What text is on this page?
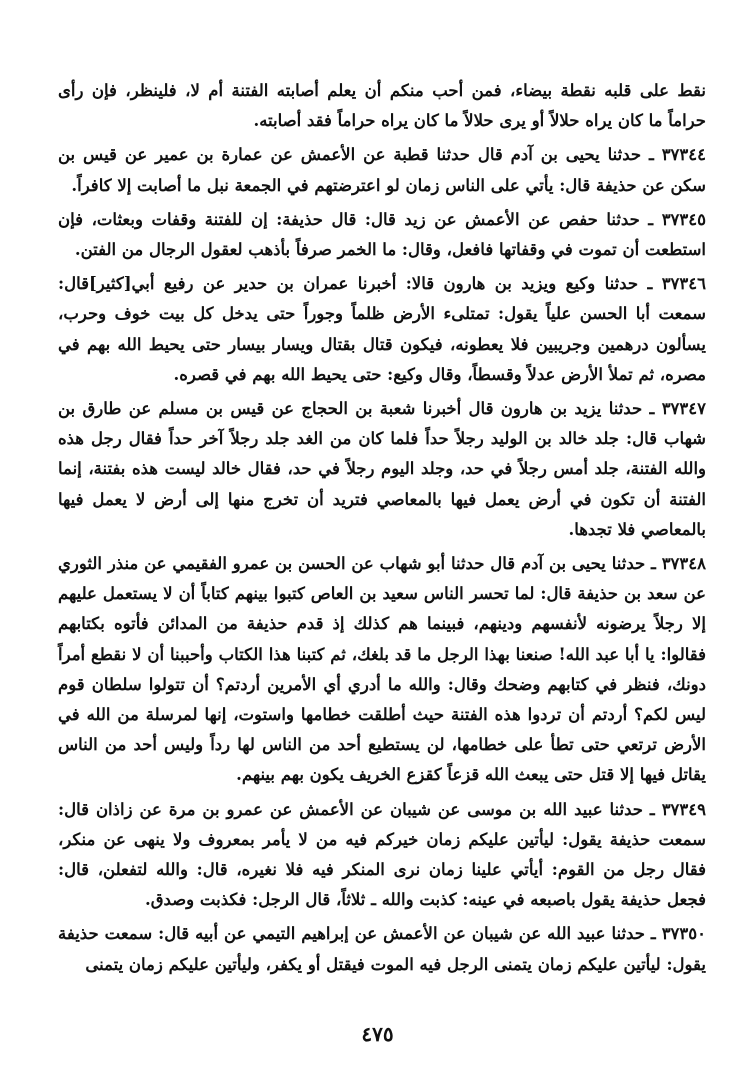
نقط على قلبه نقطة بيضاء، فمن أحب منكم أن يعلم أصابته الفتنة أم لا، فلينظر، فإن رأى حراماً ما كان يراه حلالاً أو يرى حلالاً ما كان يراه حراماً فقد أصابته.

٣٧٣٤٤ ـ حدثنا يحيى بن آدم قال حدثنا قطبة عن الأعمش عن عمارة بن عمير عن قيس بن سكن عن حذيفة قال: يأتي على الناس زمان لو اعترضتهم في الجمعة نبل ما أصابت إلا كافراً.

٣٧٣٤٥ ـ حدثنا حفص عن الأعمش عن زيد قال: قال حذيفة: إن للفتنة وقفات وبعثات، فإن استطعت أن تموت في وقفاتها فافعل، وقال: ما الخمر صرفاً بأذهب لعقول الرجال من الفتن.

٣٧٣٤٦ ـ حدثنا وكيع ويزيد بن هارون قالا: أخبرنا عمران بن حدير عن رفيع أبي[كثير]قال: سمعت أبا الحسن علياً يقول: تمتلىء الأرض ظلماً وجوراً حتى يدخل كل بيت خوف وحرب، يسألون درهمين وجريبين فلا يعطونه، فيكون قتال بقتال ويسار بيسار حتى يحيط الله بهم في مصره، ثم تملأ الأرض عدلاً وقسطاً، وقال وكيع: حتى يحيط الله بهم في قصره.

٣٧٣٤٧ ـ حدثنا يزيد بن هارون قال أخبرنا شعبة بن الحجاج عن قيس بن مسلم عن طارق بن شهاب قال: جلد خالد بن الوليد رجلاً حداً فلما كان من الغد جلد رجلاً آخر حداً فقال رجل هذه والله الفتنة، جلد أمس رجلاً في حد، وجلد اليوم رجلاً في حد، فقال خالد ليست هذه بفتنة، إنما الفتنة أن تكون في أرض يعمل فيها بالمعاصي فتريد أن تخرج منها إلى أرض لا يعمل فيها بالمعاصي فلا تجدها.

٣٧٣٤٨ ـ حدثنا يحيى بن آدم قال حدثنا أبو شهاب عن الحسن بن عمرو الفقيمي عن منذر الثوري عن سعد بن حذيفة قال: لما تحسر الناس سعيد بن العاص كتبوا بينهم كتاباً أن لا يستعمل عليهم إلا رجلاً يرضونه لأنفسهم ودينهم، فبينما هم كذلك إذ قدم حذيفة من المدائن فأتوه بكتابهم فقالوا: يا أبا عبد الله! صنعنا بهذا الرجل ما قد بلغك، ثم كتبنا هذا الكتاب وأحببنا أن لا نقطع أمراً دونك، فنظر في كتابهم وضحك وقال: والله ما أدري أي الأمرين أردتم؟ أن تتولوا سلطان قوم ليس لكم؟ أردتم أن تردوا هذه الفتنة حيث أطلقت خطامها واستوت، إنها لمرسلة من الله في الأرض ترتعي حتى تطأ على خطامها، لن يستطيع أحد من الناس لها رداً وليس أحد من الناس يقاتل فيها إلا قتل حتى يبعث الله قزعاً كقزع الخريف يكون بهم بينهم.

٣٧٣٤٩ ـ حدثنا عبيد الله بن موسى عن شيبان عن الأعمش عن عمرو بن مرة عن زاذان قال: سمعت حذيفة يقول: ليأتين عليكم زمان خيركم فيه من لا يأمر بمعروف ولا ينهى عن منكر، فقال رجل من القوم: أيأتي علينا زمان نرى المنكر فيه فلا نغيره، قال: والله لتفعلن، قال: فجعل حذيفة يقول باصبعه في عينه: كذبت والله ـ ثلاثاً، قال الرجل: فكذبت وصدق.

٣٧٣٥٠ ـ حدثنا عبيد الله عن شيبان عن الأعمش عن إبراهيم التيمي عن أبيه قال: سمعت حذيفة يقول: ليأتين عليكم زمان يتمنى الرجل فيه الموت فيقتل أو يكفر، وليأتين عليكم زمان يتمنى

٤٧٥
